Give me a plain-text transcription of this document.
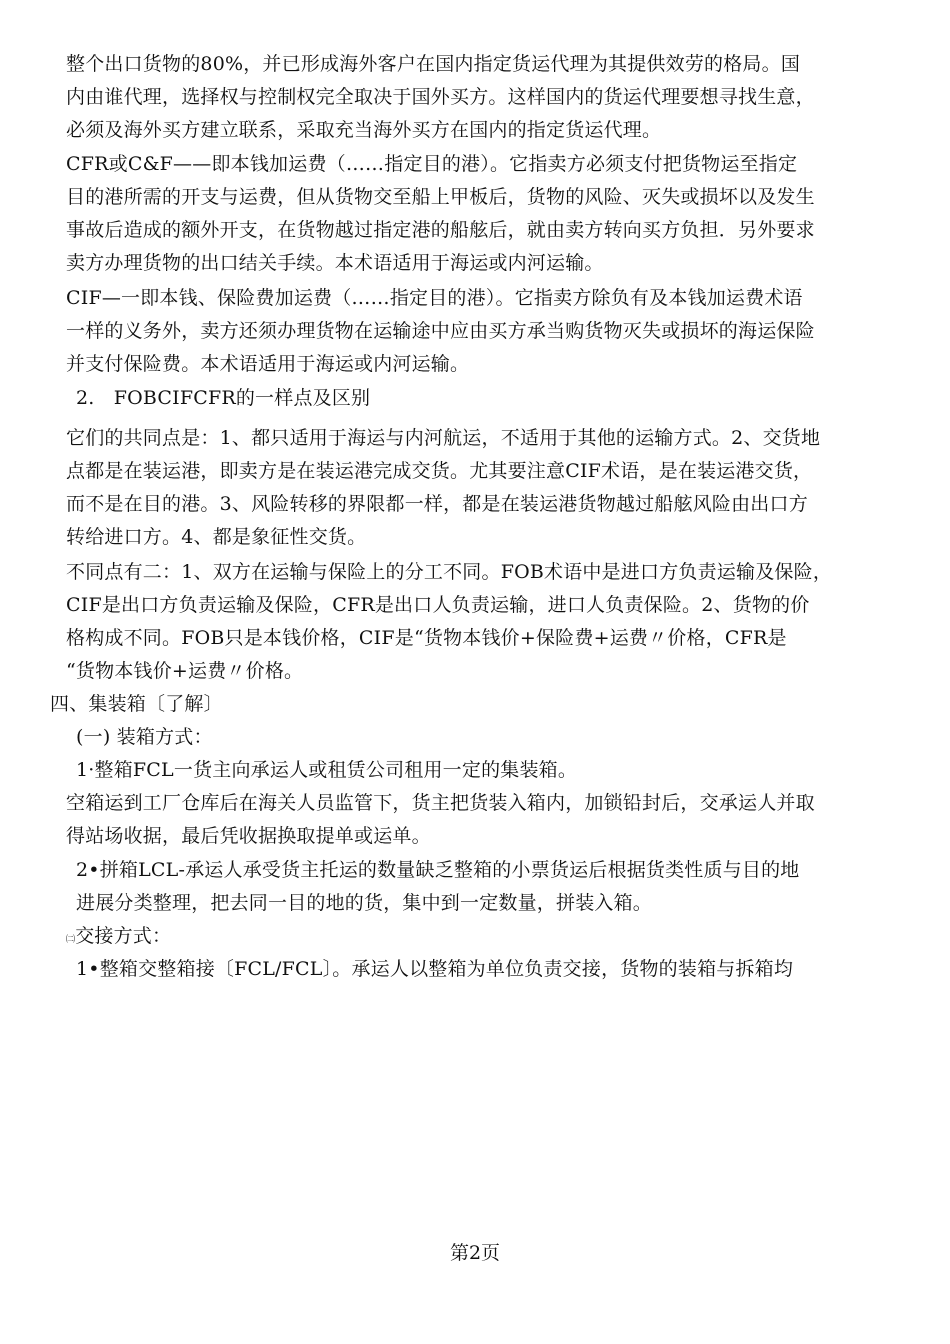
整个出口货物的80%，并已形成海外客户在国内指定货运代理为其提供效劳的格局。国
内由谁代理，选择权与控制权完全取决于国外买方。这样国内的货运代理要想寻找生意，
必须及海外买方建立联系，采取充当海外买方在国内的指定货运代理。
CFR或C&F——即本钱加运费（……指定目的港）。它指卖方必须支付把货物运至指定
目的港所需的开支与运费，但从货物交至船上甲板后，货物的风险、灭失或损坏以及发生
事故后造成的额外开支，在货物越过指定港的船舷后，就由卖方转向买方负担．另外要求
卖方办理货物的出口结关手续。本术语适用于海运或内河运输。
CIF—一即本钱、保险费加运费（……指定目的港）。它指卖方除负有及本钱加运费术语
一样的义务外，卖方还须办理货物在运输途中应由买方承当购货物灭失或损坏的海运保险
并支付保险费。本术语适用于海运或内河运输。
2.　FOBCIFCFR的一样点及区别
它们的共同点是：1、都只适用于海运与内河航运，不适用于其他的运输方式。2、交货地
点都是在装运港，即卖方是在装运港完成交货。尤其要注意CIF术语，是在装运港交货，
而不是在目的港。3、风险转移的界限都一样，都是在装运港货物越过船舷风险由出口方
转给进口方。4、都是象征性交货。
不同点有二：1、双方在运输与保险上的分工不同。FOB术语中是进口方负责运输及保险，
CIF是出口方负责运输及保险，CFR是出口人负责运输，进口人负责保险。2、货物的价
格构成不同。FOB只是本钱价格，CIF是“货物本钱价+保险费+运费〃价格，CFR是
“货物本钱价+运费〃价格。
四、集装箱〔了解〕
(一) 装箱方式：
1·整箱FCL一货主向承运人或租赁公司租用一定的集装箱。
空箱运到工厂仓库后在海关人员监管下，货主把货装入箱内，加锁铅封后，交承运人并取
得站场收据，最后凭收据换取提单或运单。
2•拼箱LCL-承运人承受货主托运的数量缺乏整箱的小票货运后根据货类性质与目的地
进展分类整理，把去同一目的地的货，集中到一定数量，拼装入箱。
㈡交接方式：
1•整箱交整箱接〔FCL/FCL〕。承运人以整箱为单位负责交接，货物的装箱与拆箱均
第2页
